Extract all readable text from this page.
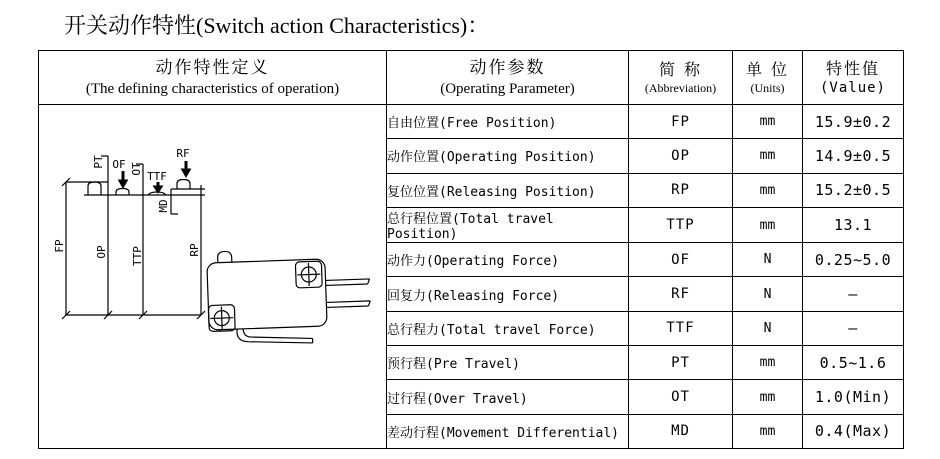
开关动作特性(Switch action Characteristics)：
动作特性定义
(The defining characteristics of operation)

动作参数
(Operating Parameter)

简 称
(Abbreviation)

单 位
(Units)

特性值
(Value)

PT OF OT
TTF
RF
MD
FP	OP TTP	RP
	自由位置(Free Position)	FP	mm	15.9±0.2
	动作位置(Operating Position)	OP	mm	14.9±0.5
	复位位置(Releasing Position)	RP	mm	15.2±0.5
	总行程位置(Total travel Position)	TTP	mm	13.1
	动作力(Operating Force)	OF	N	0.25~5.0
	回复力(Releasing Force)	RF	N	—
	总行程力(Total travel Force)	TTF	N	—
	预行程(Pre Travel)	PT	mm	0.5~1.6
	过行程(Over Travel)	OT	mm	1.0(Min)
	差动行程(Movement Differential)	MD	mm	0.4(Max)
